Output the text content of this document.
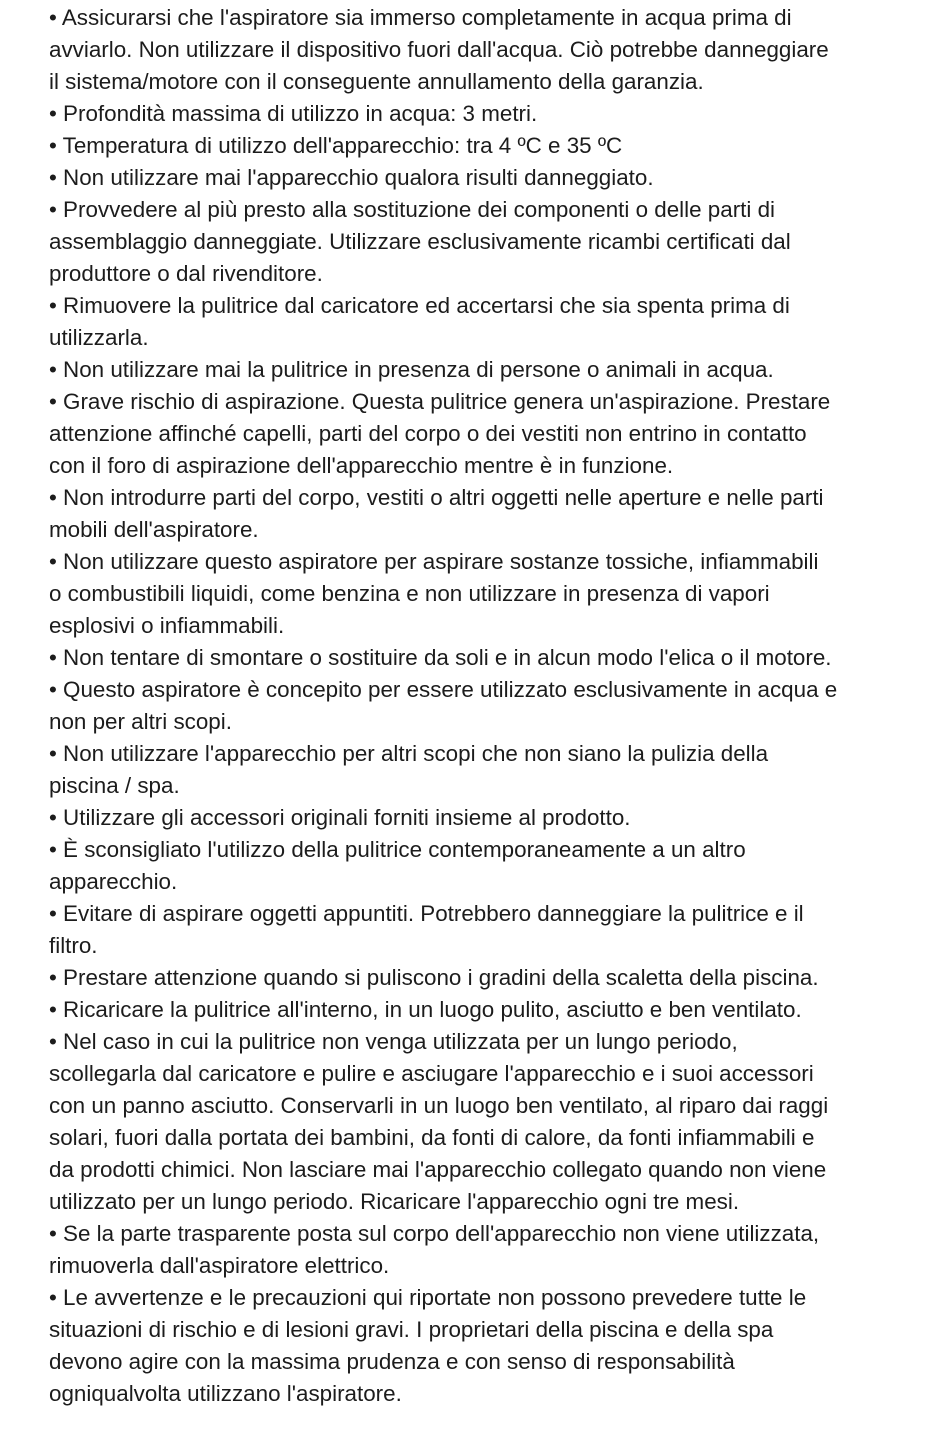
• Assicurarsi che l'aspiratore sia immerso completamente in acqua prima di
avviarlo. Non utilizzare il dispositivo fuori dall'acqua. Ciò potrebbe danneggiare
il sistema/motore con il conseguente annullamento della garanzia.

• Profondità massima di utilizzo in acqua: 3 metri.

• Temperatura di utilizzo dell'apparecchio: tra 4 ºC e 35 ºC

• Non utilizzare mai l'apparecchio qualora risulti danneggiato.

• Provvedere al più presto alla sostituzione dei componenti o delle parti di
assemblaggio danneggiate. Utilizzare esclusivamente ricambi certificati dal
produttore o dal rivenditore.

• Rimuovere la pulitrice dal caricatore ed accertarsi che sia spenta prima di
utilizzarla.

• Non utilizzare mai la pulitrice in presenza di persone o animali in acqua.

• Grave rischio di aspirazione. Questa pulitrice genera un'aspirazione. Prestare
attenzione affinché capelli, parti del corpo o dei vestiti non entrino in contatto
con il foro di aspirazione dell'apparecchio mentre è in funzione.

• Non introdurre parti del corpo, vestiti o altri oggetti nelle aperture e nelle parti
mobili dell'aspiratore.

• Non utilizzare questo aspiratore per aspirare sostanze tossiche, infiammabili
o combustibili liquidi, come benzina e non utilizzare in presenza di vapori
esplosivi o infiammabili.

• Non tentare di smontare o sostituire da soli e in alcun modo l'elica o il motore.

• Questo aspiratore è concepito per essere utilizzato esclusivamente in acqua e
non per altri scopi.

• Non utilizzare l'apparecchio per altri scopi che non siano la pulizia della
piscina / spa.

• Utilizzare gli accessori originali forniti insieme al prodotto.

• È sconsigliato l'utilizzo della pulitrice contemporaneamente a un altro
apparecchio.

• Evitare di aspirare oggetti appuntiti. Potrebbero danneggiare la pulitrice e il
filtro.

• Prestare attenzione quando si puliscono i gradini della scaletta della piscina.

• Ricaricare la pulitrice all'interno, in un luogo pulito, asciutto e ben ventilato.

• Nel caso in cui la pulitrice non venga utilizzata per un lungo periodo,
scollegarla dal caricatore e pulire e asciugare l'apparecchio e i suoi accessori
con un panno asciutto. Conservarli in un luogo ben ventilato, al riparo dai raggi
solari, fuori dalla portata dei bambini, da fonti di calore, da fonti infiammabili e
da prodotti chimici. Non lasciare mai l'apparecchio collegato quando non viene
utilizzato per un lungo periodo. Ricaricare l'apparecchio ogni tre mesi.

• Se la parte trasparente posta sul corpo dell'apparecchio non viene utilizzata,
rimuoverla dall'aspiratore elettrico.

• Le avvertenze e le precauzioni qui riportate non possono prevedere tutte le
situazioni di rischio e di lesioni gravi. I proprietari della piscina e della spa
devono agire con la massima prudenza e con senso di responsabilità
ogniqualvolta utilizzano l'aspiratore.
